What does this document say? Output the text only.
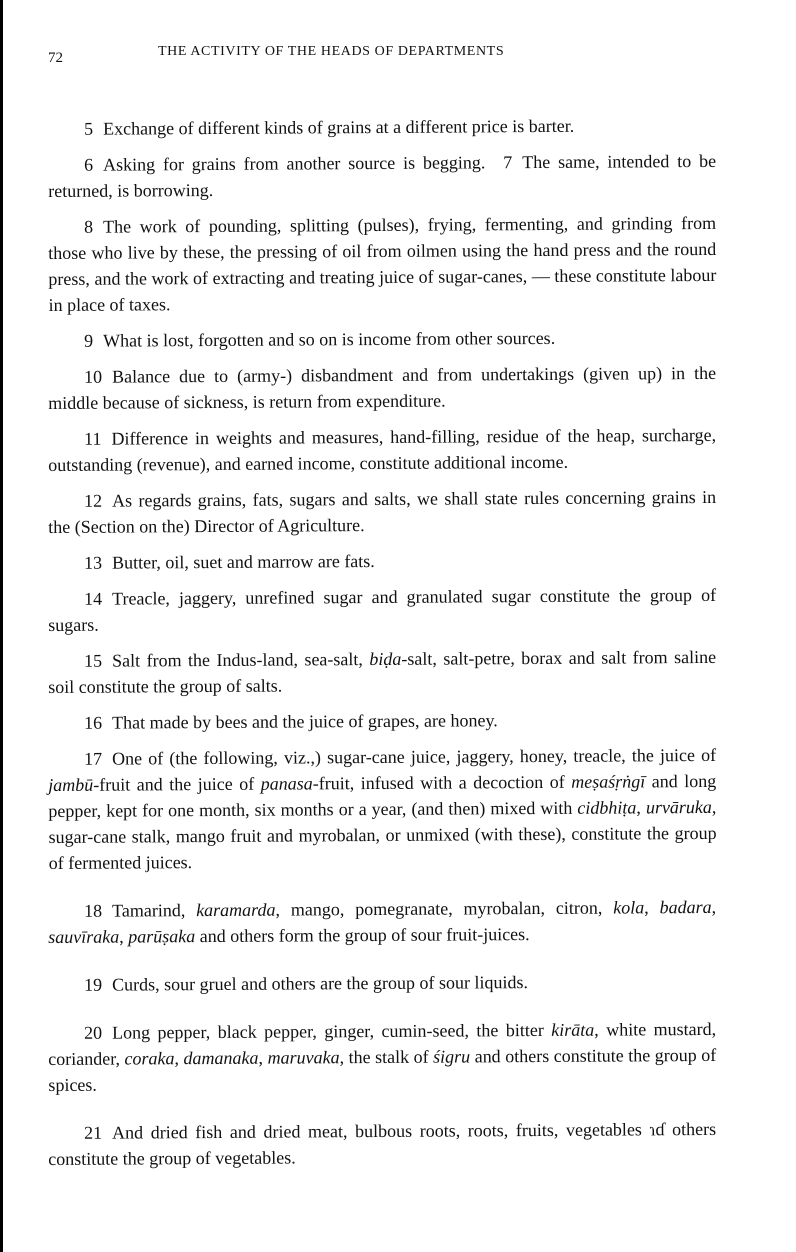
72	THE ACTIVITY OF THE HEADS OF DEPARTMENTS

5 Exchange of different kinds of grains at a different price is barter.

6 Asking for grains from another source is begging. 7 The same, intended to be returned, is borrowing.

8 The work of pounding, splitting (pulses), frying, fermenting, and grinding from those who live by these, the pressing of oil from oilmen using the hand press and the round press, and the work of extracting and treating juice of sugar-canes, — these constitute labour in place of taxes.

9 What is lost, forgotten and so on is income from other sources.

10 Balance due to (army-) disbandment and from undertakings (given up) in the middle because of sickness, is return from expenditure.

11 Difference in weights and measures, hand-filling, residue of the heap, surcharge, outstanding (revenue), and earned income, constitute additional income.

12 As regards grains, fats, sugars and salts, we shall state rules concerning grains in the (Section on the) Director of Agriculture.

13 Butter, oil, suet and marrow are fats.

14 Treacle, jaggery, unrefined sugar and granulated sugar constitute the group of sugars.

15 Salt from the Indus-land, sea-salt, biḍa-salt, salt-petre, borax and salt from saline soil constitute the group of salts.

16 That made by bees and the juice of grapes, are honey.

17 One of (the following, viz.,) sugar-cane juice, jaggery, honey, treacle, the juice of jambū-fruit and the juice of panasa-fruit, infused with a decoction of meṣaśṛṅgī and long pepper, kept for one month, six months or a year, (and then) mixed with cidbhiṭa, urvāruka, sugar-cane stalk, mango fruit and myrobalan, or unmixed (with these), constitute the group of fermented juices.

18 Tamarind, karamarda, mango, pomegranate, myrobalan, citron, kola, badara, sauvīraka, parūṣaka and others form the group of sour fruit-juices.

19 Curds, sour gruel and others are the group of sour liquids.

20 Long pepper, black pepper, ginger, cumin-seed, the bitter kirāta, white mustard, coriander, coraka, damanaka, maruvaka, the stalk of śigru and others constitute the group of spices.

21 And dried fish and dried meat, bulbous roots, roots, fruits, vegetables ɿɗ others constitute the group of vegetables.
